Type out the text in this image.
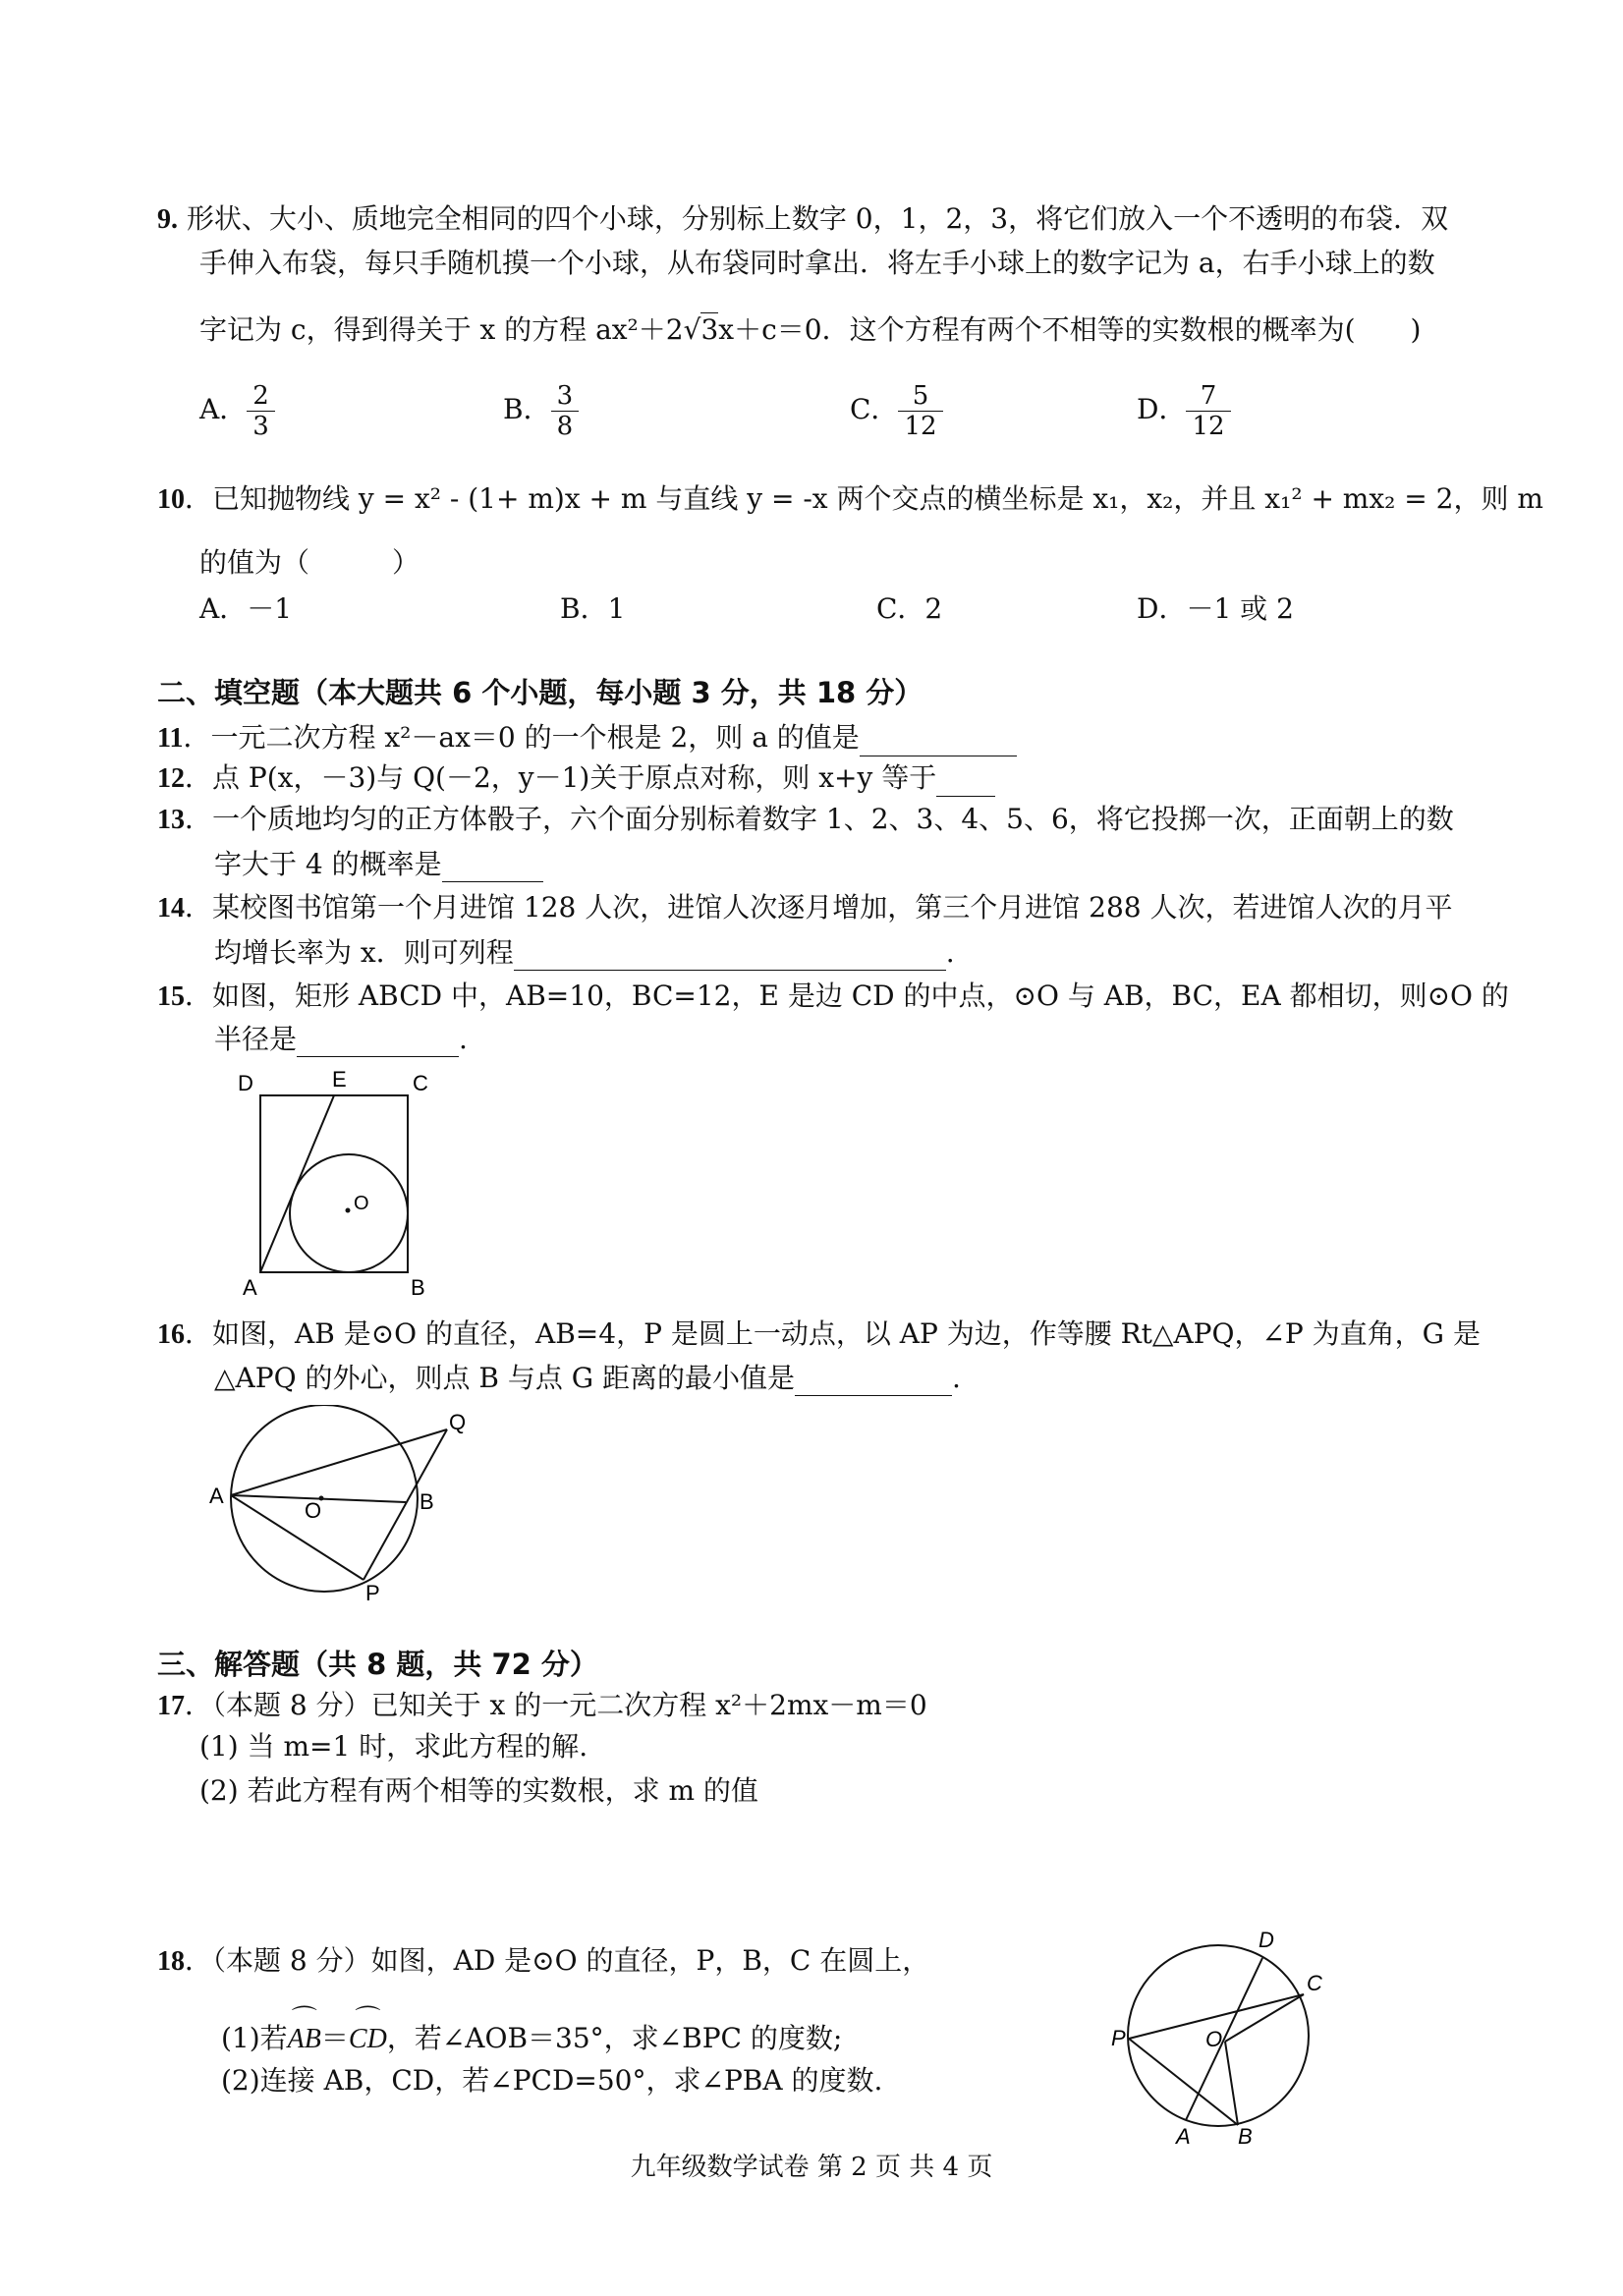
9. 形状、大小、质地完全相同的四个小球，分别标上数字 0，1，2，3，将它们放入一个不透明的布袋．双
手伸入布袋，每只手随机摸一个小球，从布袋同时拿出．将左手小球上的数字记为 a，右手小球上的数
字记为 c，得到得关于 x 的方程 ax²＋2√3x＋c＝0．这个方程有两个不相等的实数根的概率为(　　)
A． $\frac{2}{3}$	B． $\frac{3}{8}$	C． $\frac{5}{12}$	D． $\frac{7}{12}$
10．已知抛物线 y = x² - (1+ m)x + m 与直线 y = -x 两个交点的横坐标是 x₁，x₂，并且 x₁² + mx₂ = 2，则 m
的值为（　　　）
A．－1	B．1	C．2	D．－1 或 2
二、填空题（本大题共 6 个小题，每小题 3 分，共 18 分）
11．一元二次方程 x²－ax＝0 的一个根是 2，则 a 的值是
12．点 P(x，－3)与 Q(－2，y－1)关于原点对称，则 x+y 等于
13．一个质地均匀的正方体骰子，六个面分别标着数字 1、2、3、4、5、6，将它投掷一次，正面朝上的数
字大于 4 的概率是
14．某校图书馆第一个月进馆 128 人次，进馆人次逐月增加，第三个月进馆 288 人次，若进馆人次的月平
均增长率为 x．则可列程	.
15．如图，矩形 ABCD 中，AB=10，BC=12，E 是边 CD 的中点，⊙O 与 AB，BC，EA 都相切，则⊙O 的
半径是	.
D	E	C
A	B
O
16．如图，AB 是⊙O 的直径，AB=4，P 是圆上一动点，以 AP 为边，作等腰 Rt△APQ，∠P 为直角，G 是
△APQ 的外心，则点 B 与点 G 距离的最小值是	.
A
O	B
Q
P
三、解答题（共 8 题，共 72 分）
17．（本题 8 分）已知关于 x 的一元二次方程 x²＋2mx－m＝0
(1) 当 m=1 时，求此方程的解.
(2) 若此方程有两个相等的实数根，求 m 的值
18．（本题 8 分）如图，AD 是⊙O 的直径，P，B，C 在圆上，
(1)若⌒ AB＝⌒ CD，若∠AOB＝35°，求∠BPC 的度数;
(2)连接 AB，CD，若∠PCD=50°，求∠PBA 的度数.
D
C
P	O
A B
九年级数学试卷 第 2 页 共 4 页
